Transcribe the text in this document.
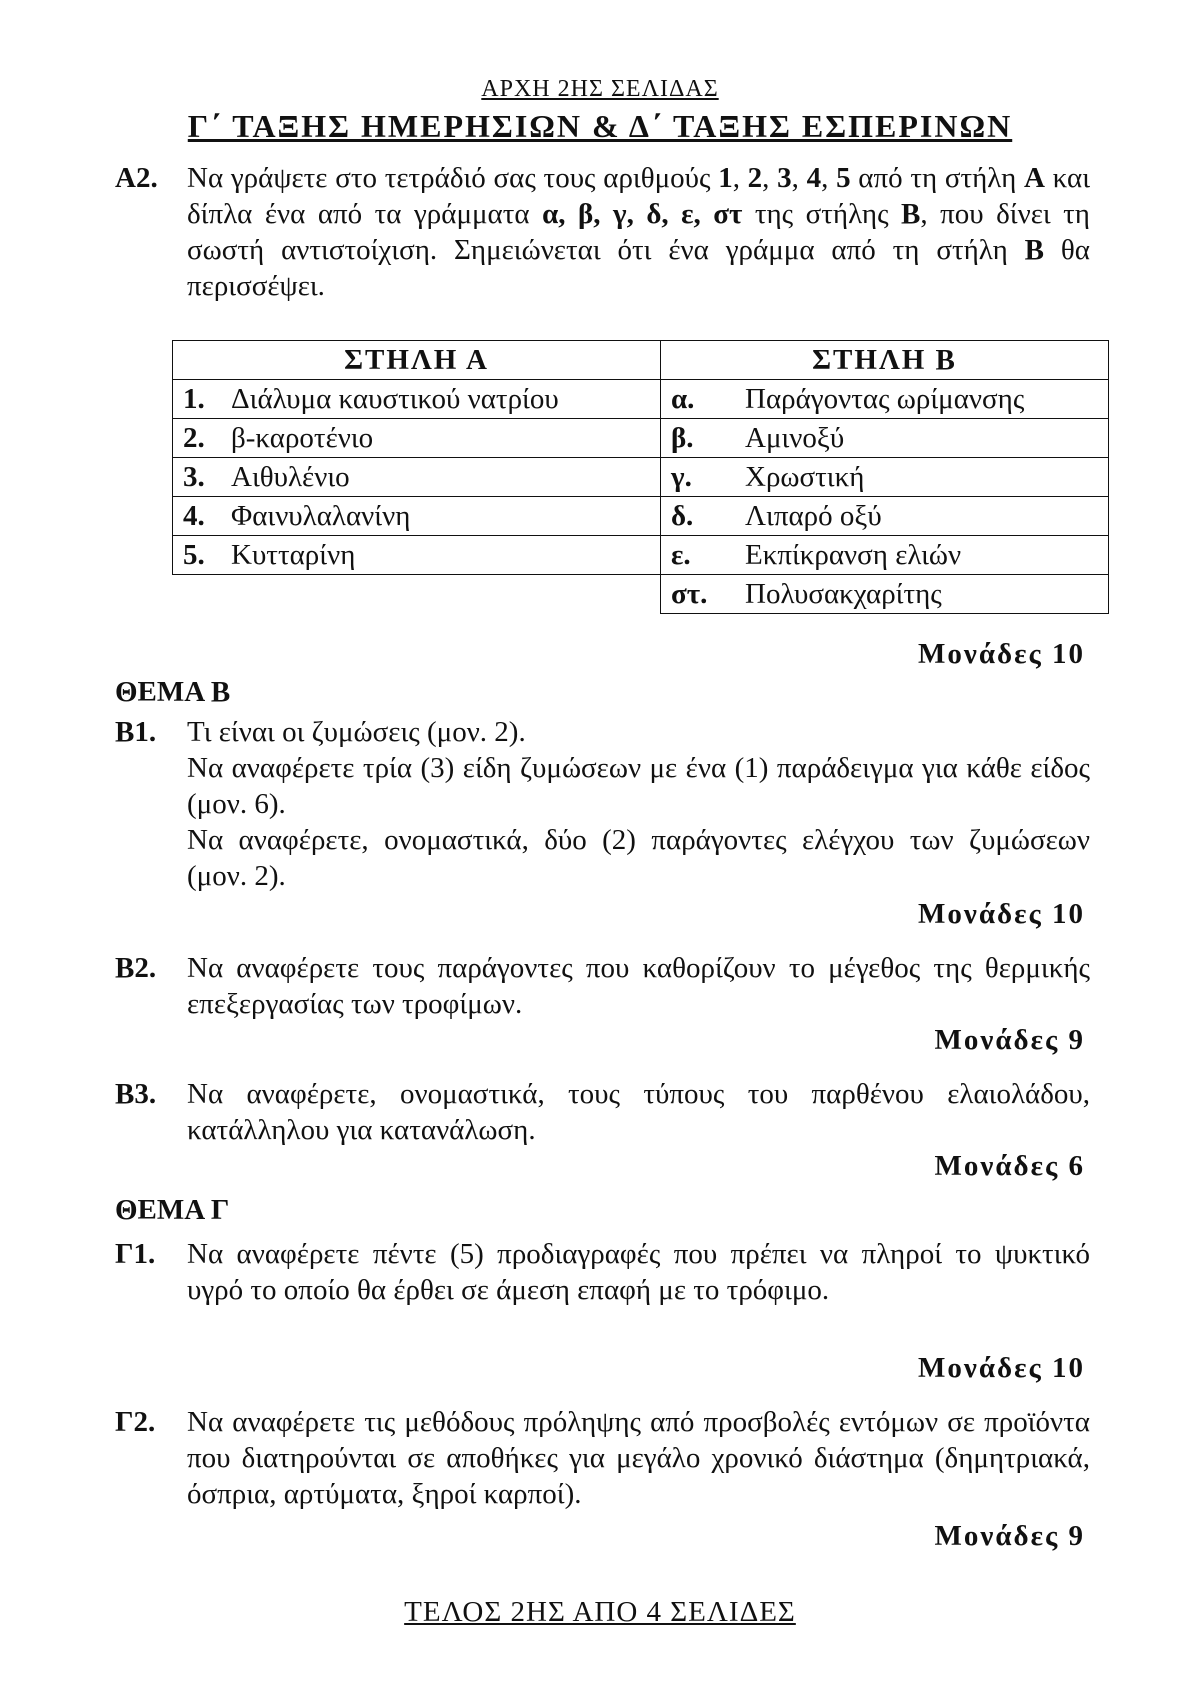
ΑΡΧΗ 2ΗΣ ΣΕΛΙΔΑΣ
Γ΄ ΤΑΞΗΣ ΗΜΕΡΗΣΙΩΝ & Δ΄ ΤΑΞΗΣ ΕΣΠΕΡΙΝΩΝ
Α2. Να γράψετε στο τετράδιό σας τους αριθμούς 1, 2, 3, 4, 5 από τη στήλη Α και δίπλα ένα από τα γράμματα α, β, γ, δ, ε, στ της στήλης Β, που δίνει τη σωστή αντιστοίχιση. Σημειώνεται ότι ένα γράμμα από τη στήλη Β θα περισσέψει.
ΣΤΗΛΗ Α	ΣΤΗΛΗ Β
1. Διάλυμα καυστικού νατρίου	α. Παράγοντας ωρίμανσης
2. β-καροτένιο	β. Αμινοξύ
3. Αιθυλένιο	γ. Χρωστική
4. Φαινυλαλανίνη	δ. Λιπαρό οξύ
5. Κυτταρίνη	ε. Εκπίκρανση ελιών
	στ. Πολυσακχαρίτης
Μονάδες 10
ΘΕΜΑ Β
Β1. Τι είναι οι ζυμώσεις (μον. 2).

Να αναφέρετε τρία (3) είδη ζυμώσεων με ένα (1) παράδειγμα για κάθε είδος (μον. 6).

Να αναφέρετε, ονομαστικά, δύο (2) παράγοντες ελέγχου των ζυμώσεων (μον. 2).

Μονάδες 10
Β2. Να αναφέρετε τους παράγοντες που καθορίζουν το μέγεθος της θερμικής επεξεργασίας των τροφίμων.
Μονάδες 9
Β3. Να αναφέρετε, ονομαστικά, τους τύπους του παρθένου ελαιολάδου, κατάλληλου για κατανάλωση.
Μονάδες 6
ΘΕΜΑ Γ
Γ1. Να αναφέρετε πέντε (5) προδιαγραφές που πρέπει να πληροί το ψυκτικό υγρό το οποίο θα έρθει σε άμεση επαφή με το τρόφιμο.
Μονάδες 10
Γ2. Να αναφέρετε τις μεθόδους πρόληψης από προσβολές εντόμων σε προϊόντα που διατηρούνται σε αποθήκες για μεγάλο χρονικό διάστημα (δημητριακά, όσπρια, αρτύματα, ξηροί καρποί).
Μονάδες 9
ΤΕΛΟΣ 2ΗΣ ΑΠΟ 4 ΣΕΛΙΔΕΣ
